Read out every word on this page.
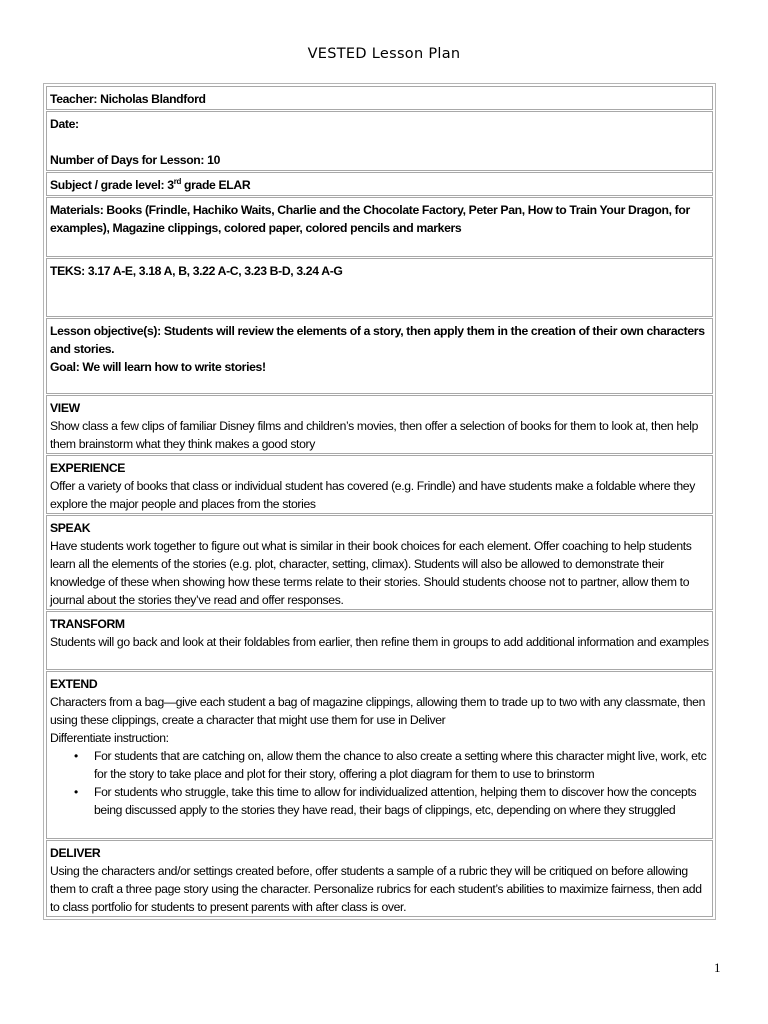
VESTED Lesson Plan
Teacher: Nicholas Blandford
Date:
Number of Days for Lesson: 10
Subject / grade level: 3rd grade ELAR
Materials: Books (Frindle, Hachiko Waits, Charlie and the Chocolate Factory, Peter Pan, How to Train Your Dragon, for examples), Magazine clippings, colored paper, colored pencils and markers
TEKS: 3.17 A-E, 3.18 A, B, 3.22 A-C, 3.23 B-D, 3.24 A-G
Lesson objective(s): Students will review the elements of a story, then apply them in the creation of their own characters and stories.
Goal: We will learn how to write stories!
VIEW
Show class a few clips of familiar Disney films and children’s movies, then offer a selection of books for them to look at, then help them brainstorm what they think makes a good story
EXPERIENCE
Offer a variety of books that class or individual student has covered (e.g. Frindle) and have students make a foldable where they explore the major people and places from the stories
SPEAK
Have students work together to figure out what is similar in their book choices for each element. Offer coaching to help students learn all the elements of the stories (e.g. plot, character, setting, climax). Students will also be allowed to demonstrate their knowledge of these when showing how these terms relate to their stories. Should students choose not to partner, allow them to journal about the stories they’ve read and offer responses.
TRANSFORM
Students will go back and look at their foldables from earlier, then refine them in groups to add additional information and examples
EXTEND
Characters from a bag—give each student a bag of magazine clippings, allowing them to trade up to two with any classmate, then using these clippings, create a character that might use them for use in Deliver
Differentiate instruction:
• For students that are catching on, allow them the chance to also create a setting where this character might live, work, etc for the story to take place and plot for their story, offering a plot diagram for them to use to brinstorm
• For students who struggle, take this time to allow for individualized attention, helping them to discover how the concepts being discussed apply to the stories they have read, their bags of clippings, etc, depending on where they struggled
DELIVER
Using the characters and/or settings created before, offer students a sample of a rubric they will be critiqued on before allowing them to craft a three page story using the character. Personalize rubrics for each student’s abilities to maximize fairness, then add to class portfolio for students to present parents with after class is over.
1
